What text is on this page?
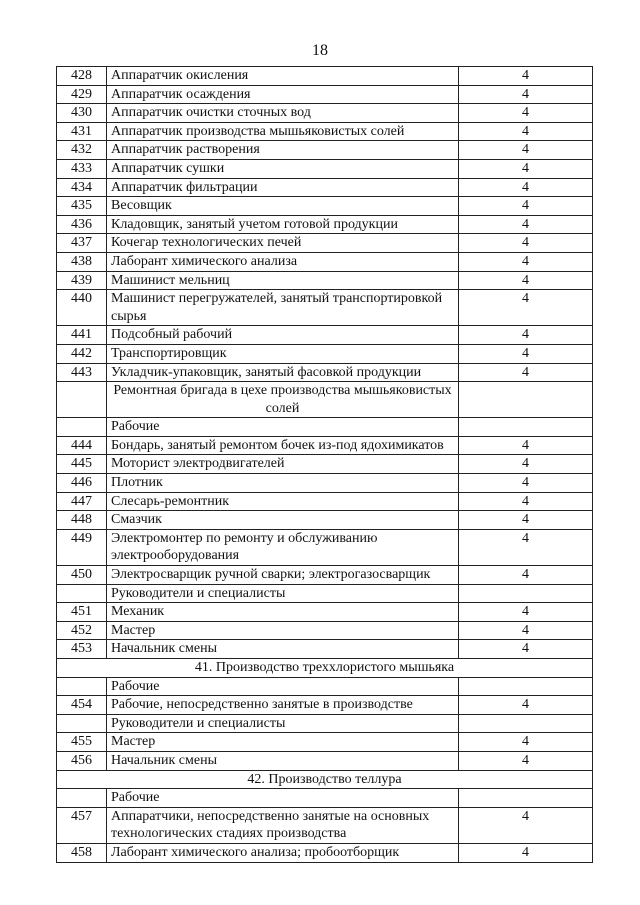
18
428	Аппаратчик окисления	4
429	Аппаратчик осаждения	4
430	Аппаратчик очистки сточных вод	4
431	Аппаратчик производства мышьяковистых солей	4
432	Аппаратчик растворения	4
433	Аппаратчик сушки	4
434	Аппаратчик фильтрации	4
435	Весовщик	4
436	Кладовщик, занятый учетом готовой продукции	4
437	Кочегар технологических печей	4
438	Лаборант химического анализа	4
439	Машинист мельниц	4
440	Машинист перегружателей, занятый транспортировкой сырья	4
441	Подсобный рабочий	4
442	Транспортировщик	4
443	Укладчик-упаковщик, занятый фасовкой продукции	4
	Ремонтная бригада в цехе производства мышьяковистых солей	
	Рабочие	
444	Бондарь, занятый ремонтом бочек из-под ядохимикатов	4
445	Моторист электродвигателей	4
446	Плотник	4
447	Слесарь-ремонтник	4
448	Смазчик	4
449	Электромонтер по ремонту и обслуживанию электрооборудования	4
450	Электросварщик ручной сварки; электрогазосварщик	4
	Руководители и специалисты	
451	Механик	4
452	Мастер	4
453	Начальник смены	4
41. Производство треххлористого мышьяка		
	Рабочие	
454	Рабочие, непосредственно занятые в производстве	4
	Руководители и специалисты	
455	Мастер	4
456	Начальник смены	4
42. Производство теллура		
	Рабочие	
457	Аппаратчики, непосредственно занятые на основных технологических стадиях производства	4
458	Лаборант химического анализа; пробоотборщик	4
